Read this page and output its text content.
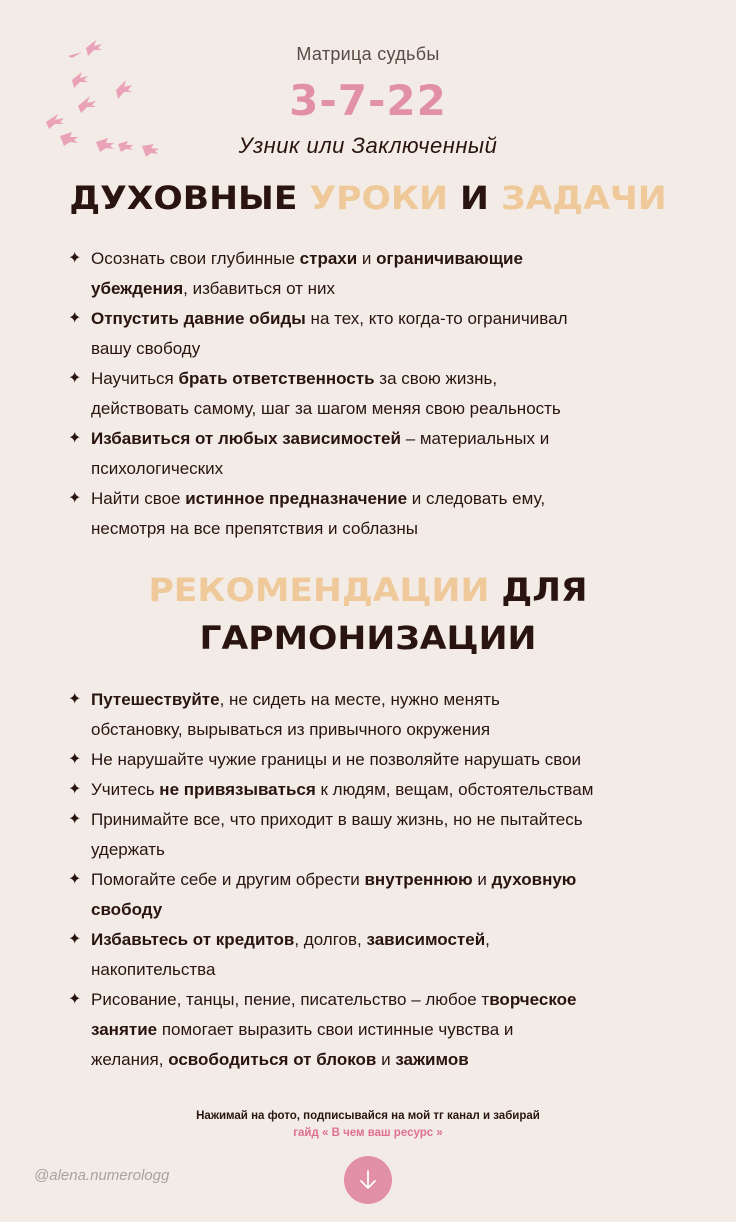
Матрица судьбы
3-7-22
Узник или Заключенный
ДУХОВНЫЕ УРОКИ И ЗАДАЧИ
✦ Осознать свои глубинные страхи и ограничивающие
убеждения, избавиться от них
✦ Отпустить давние обиды на тех, кто когда-то ограничивал
вашу свободу
✦ Научиться брать ответственность за свою жизнь,
действовать самому, шаг за шагом меняя свою реальность
✦ Избавиться от любых зависимостей – материальных и
психологических
✦ Найти свое истинное предназначение и следовать ему,
несмотря на все препятствия и соблазны
РЕКОМЕНДАЦИИ ДЛЯ
ГАРМОНИЗАЦИИ
✦ Путешествуйте, не сидеть на месте, нужно менять
обстановку, вырываться из привычного окружения
✦ Не нарушайте чужие границы и не позволяйте нарушать свои
✦ Учитесь не привязываться к людям, вещам, обстоятельствам
✦ Принимайте все, что приходит в вашу жизнь, но не пытайтесь
удержать
✦ Помогайте себе и другим обрести внутреннюю и духовную
свободу
✦ Избавьтесь от кредитов, долгов, зависимостей,
накопительства
✦ Рисование, танцы, пение, писательство – любое творческое
занятие помогает выразить свои истинные чувства и
желания, освободиться от блоков и зажимов
Нажимай на фото, подписывайся на мой тг канал и забирай
гайд « В чем ваш ресурс »
@alena.numerologg
